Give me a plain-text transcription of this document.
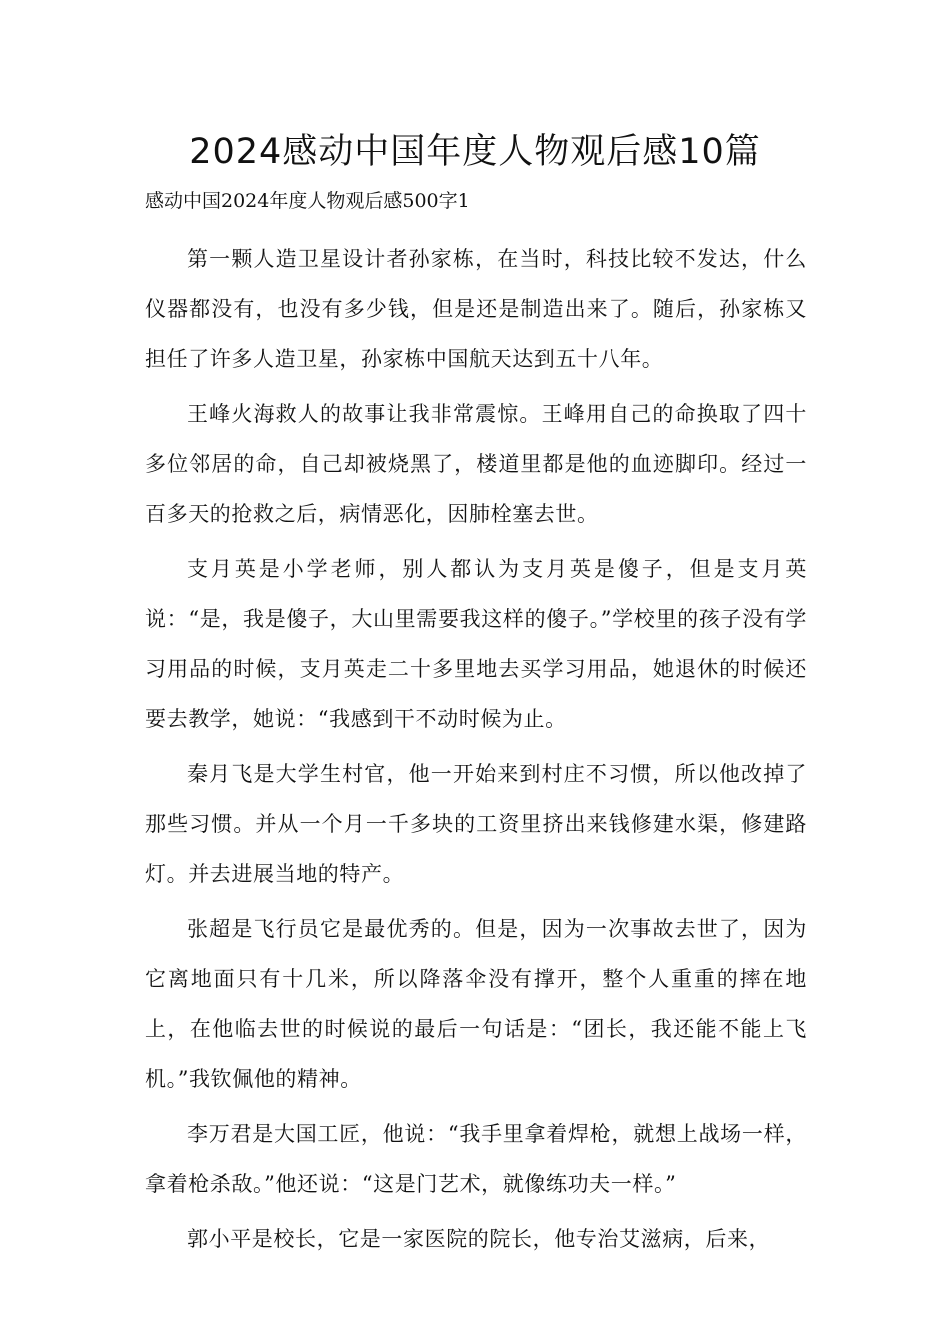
2024感动中国年度人物观后感10篇
感动中国2024年度人物观后感500字1

第一颗人造卫星设计者孙家栋，在当时，科技比较不发达，什么仪器都没有，也没有多少钱，但是还是制造出来了。随后，孙家栋又担任了许多人造卫星，孙家栋中国航天达到五十八年。

王峰火海救人的故事让我非常震惊。王峰用自己的命换取了四十多位邻居的命，自己却被烧黑了，楼道里都是他的血迹脚印。经过一百多天的抢救之后，病情恶化，因肺栓塞去世。

支月英是小学老师，别人都认为支月英是傻子，但是支月英说：“是，我是傻子，大山里需要我这样的傻子。”学校里的孩子没有学习用品的时候，支月英走二十多里地去买学习用品，她退休的时候还要去教学，她说：“我感到干不动时候为止。

秦月飞是大学生村官，他一开始来到村庄不习惯，所以他改掉了那些习惯。并从一个月一千多块的工资里挤出来钱修建水渠，修建路灯。并去进展当地的特产。

张超是飞行员它是最优秀的。但是，因为一次事故去世了，因为它离地面只有十几米，所以降落伞没有撑开，整个人重重的摔在地上，在他临去世的时候说的最后一句话是：“团长，我还能不能上飞机。”我钦佩他的精神。

李万君是大国工匠，他说：“我手里拿着焊枪，就想上战场一样，拿着枪杀敌。”他还说：“这是门艺术，就像练功夫一样。”

郭小平是校长，它是一家医院的院长，他专治艾滋病，后来，
